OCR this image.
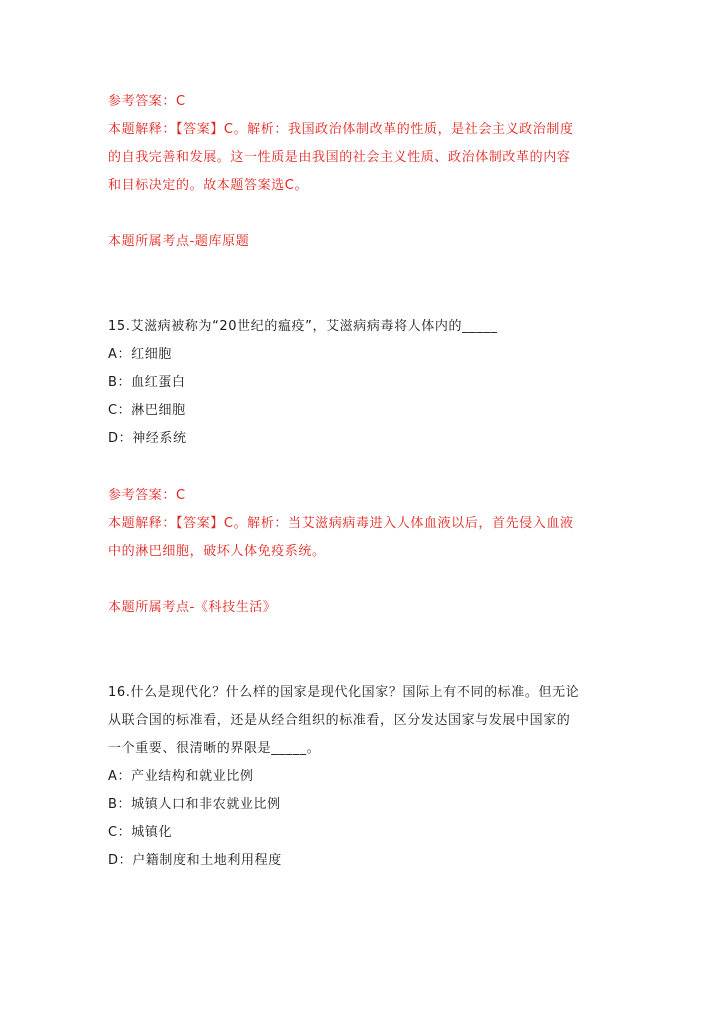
参考答案：C
本题解释：【答案】C。解析：我国政治体制改革的性质，是社会主义政治制度
的自我完善和发展。这一性质是由我国的社会主义性质、政治体制改革的内容
和目标决定的。故本题答案选C。
本题所属考点-题库原题
15.艾滋病被称为“20世纪的瘟疫”，艾滋病病毒将人体内的_____
A：红细胞
B：血红蛋白
C：淋巴细胞
D：神经系统
参考答案：C
本题解释：【答案】C。解析：当艾滋病病毒进入人体血液以后，首先侵入血液
中的淋巴细胞，破坏人体免疫系统。
本题所属考点-《科技生活》
16.什么是现代化？什么样的国家是现代化国家？国际上有不同的标准。但无论
从联合国的标准看，还是从经合组织的标准看，区分发达国家与发展中国家的
一个重要、很清晰的界限是_____。
A：产业结构和就业比例
B：城镇人口和非农就业比例
C：城镇化
D：户籍制度和土地利用程度
